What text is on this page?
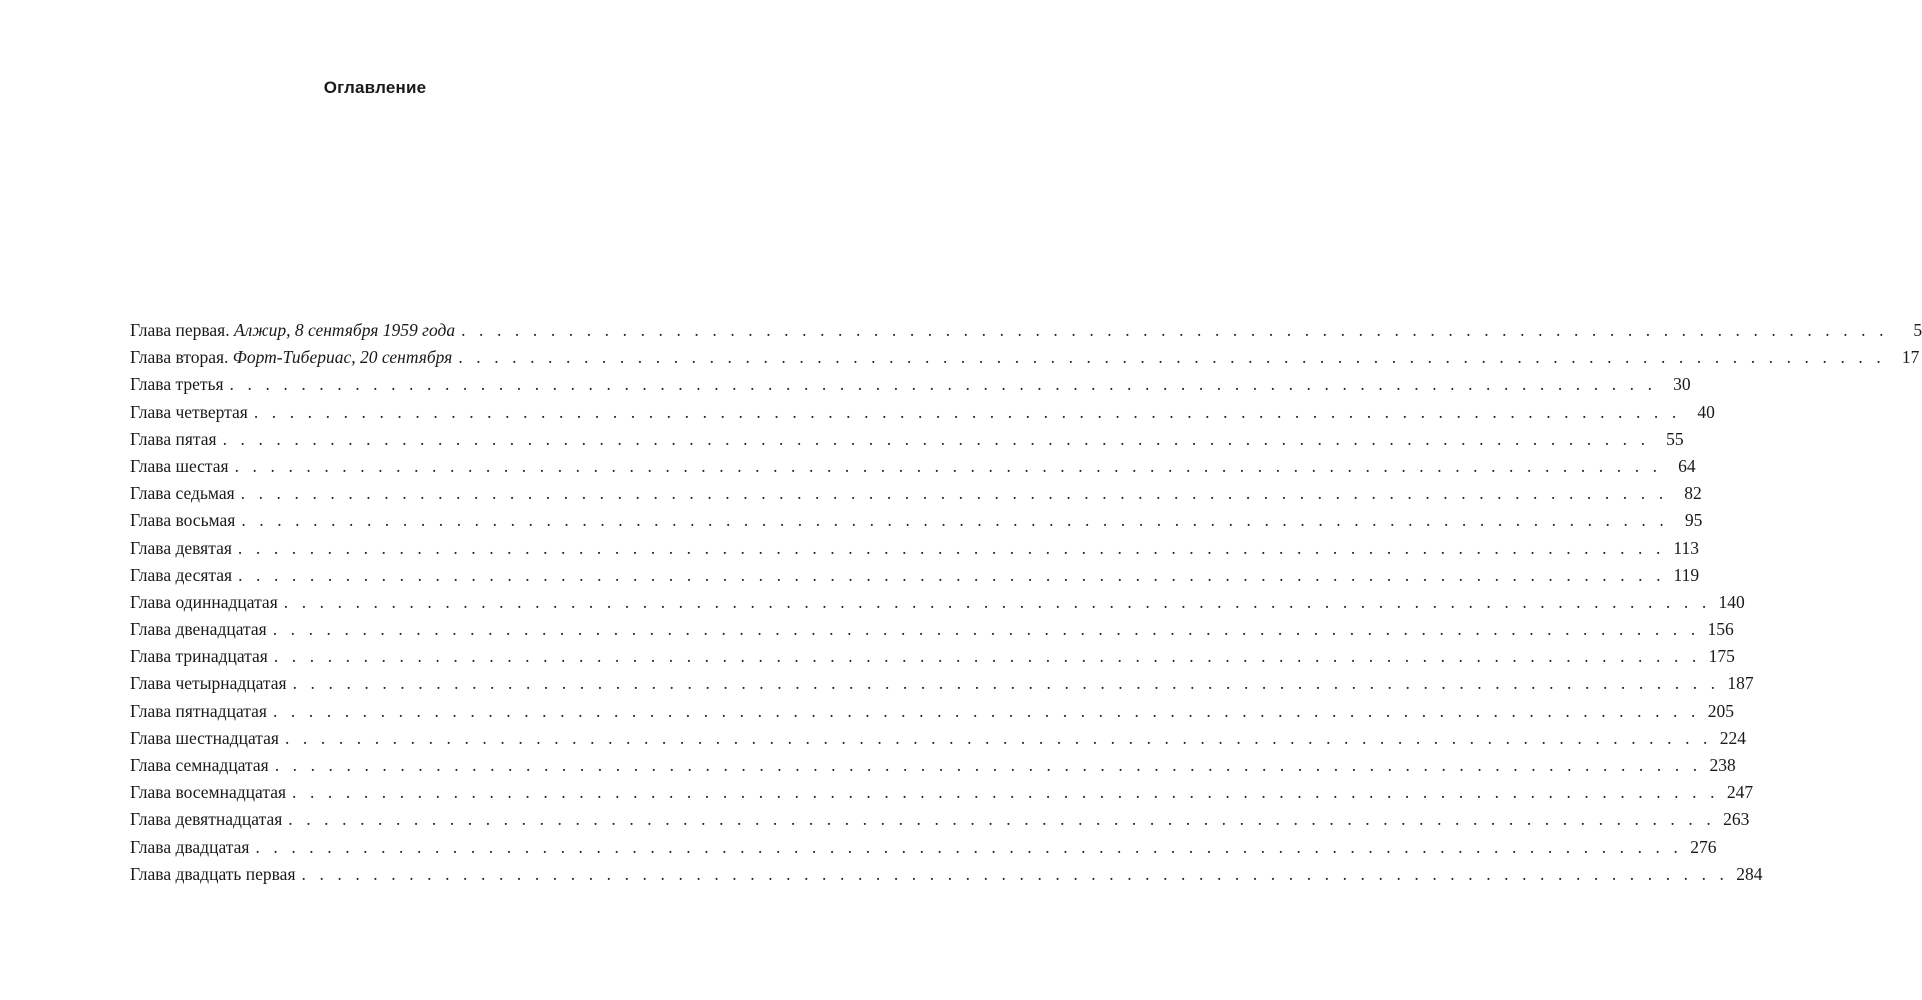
Оглавление
Глава первая. Алжир, 8 сентября 1959 года . . . . . . . . . . . . . . . . . . . . . . . . . . . . . . . . . . . . . . . . . . . . . . . . . . . . . . . . . . . . . . . . . . . . . . . . . . . . . . . .	5
Глава вторая. Форт-Тибериас, 20 сентября . . . . . . . . . . . . . . . . . . . . . . . . . . . . . . . . . . . . . . . . . . . . . . . . . . . . . . . . . . . . . . . . . . . . . . . . . . . . . . . . 17
Глава третья . . . . . . . . . . . . . . . . . . . . . . . . . . . . . . . . . . . . . . . . . . . . . . . . . . . . . . . . . . . . . . . . . . . . . . . . . . . . . . . . 30
Глава четвертая . . . . . . . . . . . . . . . . . . . . . . . . . . . . . . . . . . . . . . . . . . . . . . . . . . . . . . . . . . . . . . . . . . . . . . . . . . . . . . . . 40
Глава пятая . . . . . . . . . . . . . . . . . . . . . . . . . . . . . . . . . . . . . . . . . . . . . . . . . . . . . . . . . . . . . . . . . . . . . . . . . . . . . . . . 55
Глава шестая . . . . . . . . . . . . . . . . . . . . . . . . . . . . . . . . . . . . . . . . . . . . . . . . . . . . . . . . . . . . . . . . . . . . . . . . . . . . . . . . 64
Глава седьмая . . . . . . . . . . . . . . . . . . . . . . . . . . . . . . . . . . . . . . . . . . . . . . . . . . . . . . . . . . . . . . . . . . . . . . . . . . . . . . . . 82
Глава восьмая . . . . . . . . . . . . . . . . . . . . . . . . . . . . . . . . . . . . . . . . . . . . . . . . . . . . . . . . . . . . . . . . . . . . . . . . . . . . . . . . 95
Глава девятая . . . . . . . . . . . . . . . . . . . . . . . . . . . . . . . . . . . . . . . . . . . . . . . . . . . . . . . . . . . . . . . . . . . . . . . . . . . . . . . . 113
Глава десятая . . . . . . . . . . . . . . . . . . . . . . . . . . . . . . . . . . . . . . . . . . . . . . . . . . . . . . . . . . . . . . . . . . . . . . . . . . . . . . . . 119
Глава одиннадцатая . . . . . . . . . . . . . . . . . . . . . . . . . . . . . . . . . . . . . . . . . . . . . . . . . . . . . . . . . . . . . . . . . . . . . . . . . . . . . . . . 140
Глава двенадцатая . . . . . . . . . . . . . . . . . . . . . . . . . . . . . . . . . . . . . . . . . . . . . . . . . . . . . . . . . . . . . . . . . . . . . . . . . . . . . . . . 156
Глава тринадцатая . . . . . . . . . . . . . . . . . . . . . . . . . . . . . . . . . . . . . . . . . . . . . . . . . . . . . . . . . . . . . . . . . . . . . . . . . . . . . . . . 175
Глава четырнадцатая . . . . . . . . . . . . . . . . . . . . . . . . . . . . . . . . . . . . . . . . . . . . . . . . . . . . . . . . . . . . . . . . . . . . . . . . . . . . . . . . 187
Глава пятнадцатая . . . . . . . . . . . . . . . . . . . . . . . . . . . . . . . . . . . . . . . . . . . . . . . . . . . . . . . . . . . . . . . . . . . . . . . . . . . . . . . . 205
Глава шестнадцатая . . . . . . . . . . . . . . . . . . . . . . . . . . . . . . . . . . . . . . . . . . . . . . . . . . . . . . . . . . . . . . . . . . . . . . . . . . . . . . . . 224
Глава семнадцатая . . . . . . . . . . . . . . . . . . . . . . . . . . . . . . . . . . . . . . . . . . . . . . . . . . . . . . . . . . . . . . . . . . . . . . . . . . . . . . . . 238
Глава восемнадцатая . . . . . . . . . . . . . . . . . . . . . . . . . . . . . . . . . . . . . . . . . . . . . . . . . . . . . . . . . . . . . . . . . . . . . . . . . . . . . . . . 247
Глава девятнадцатая . . . . . . . . . . . . . . . . . . . . . . . . . . . . . . . . . . . . . . . . . . . . . . . . . . . . . . . . . . . . . . . . . . . . . . . . . . . . . . . . 263
Глава двадцатая . . . . . . . . . . . . . . . . . . . . . . . . . . . . . . . . . . . . . . . . . . . . . . . . . . . . . . . . . . . . . . . . . . . . . . . . . . . . . . . . 276
Глава двадцать первая . . . . . . . . . . . . . . . . . . . . . . . . . . . . . . . . . . . . . . . . . . . . . . . . . . . . . . . . . . . . . . . . . . . . . . . . . . . . . . . . 284
